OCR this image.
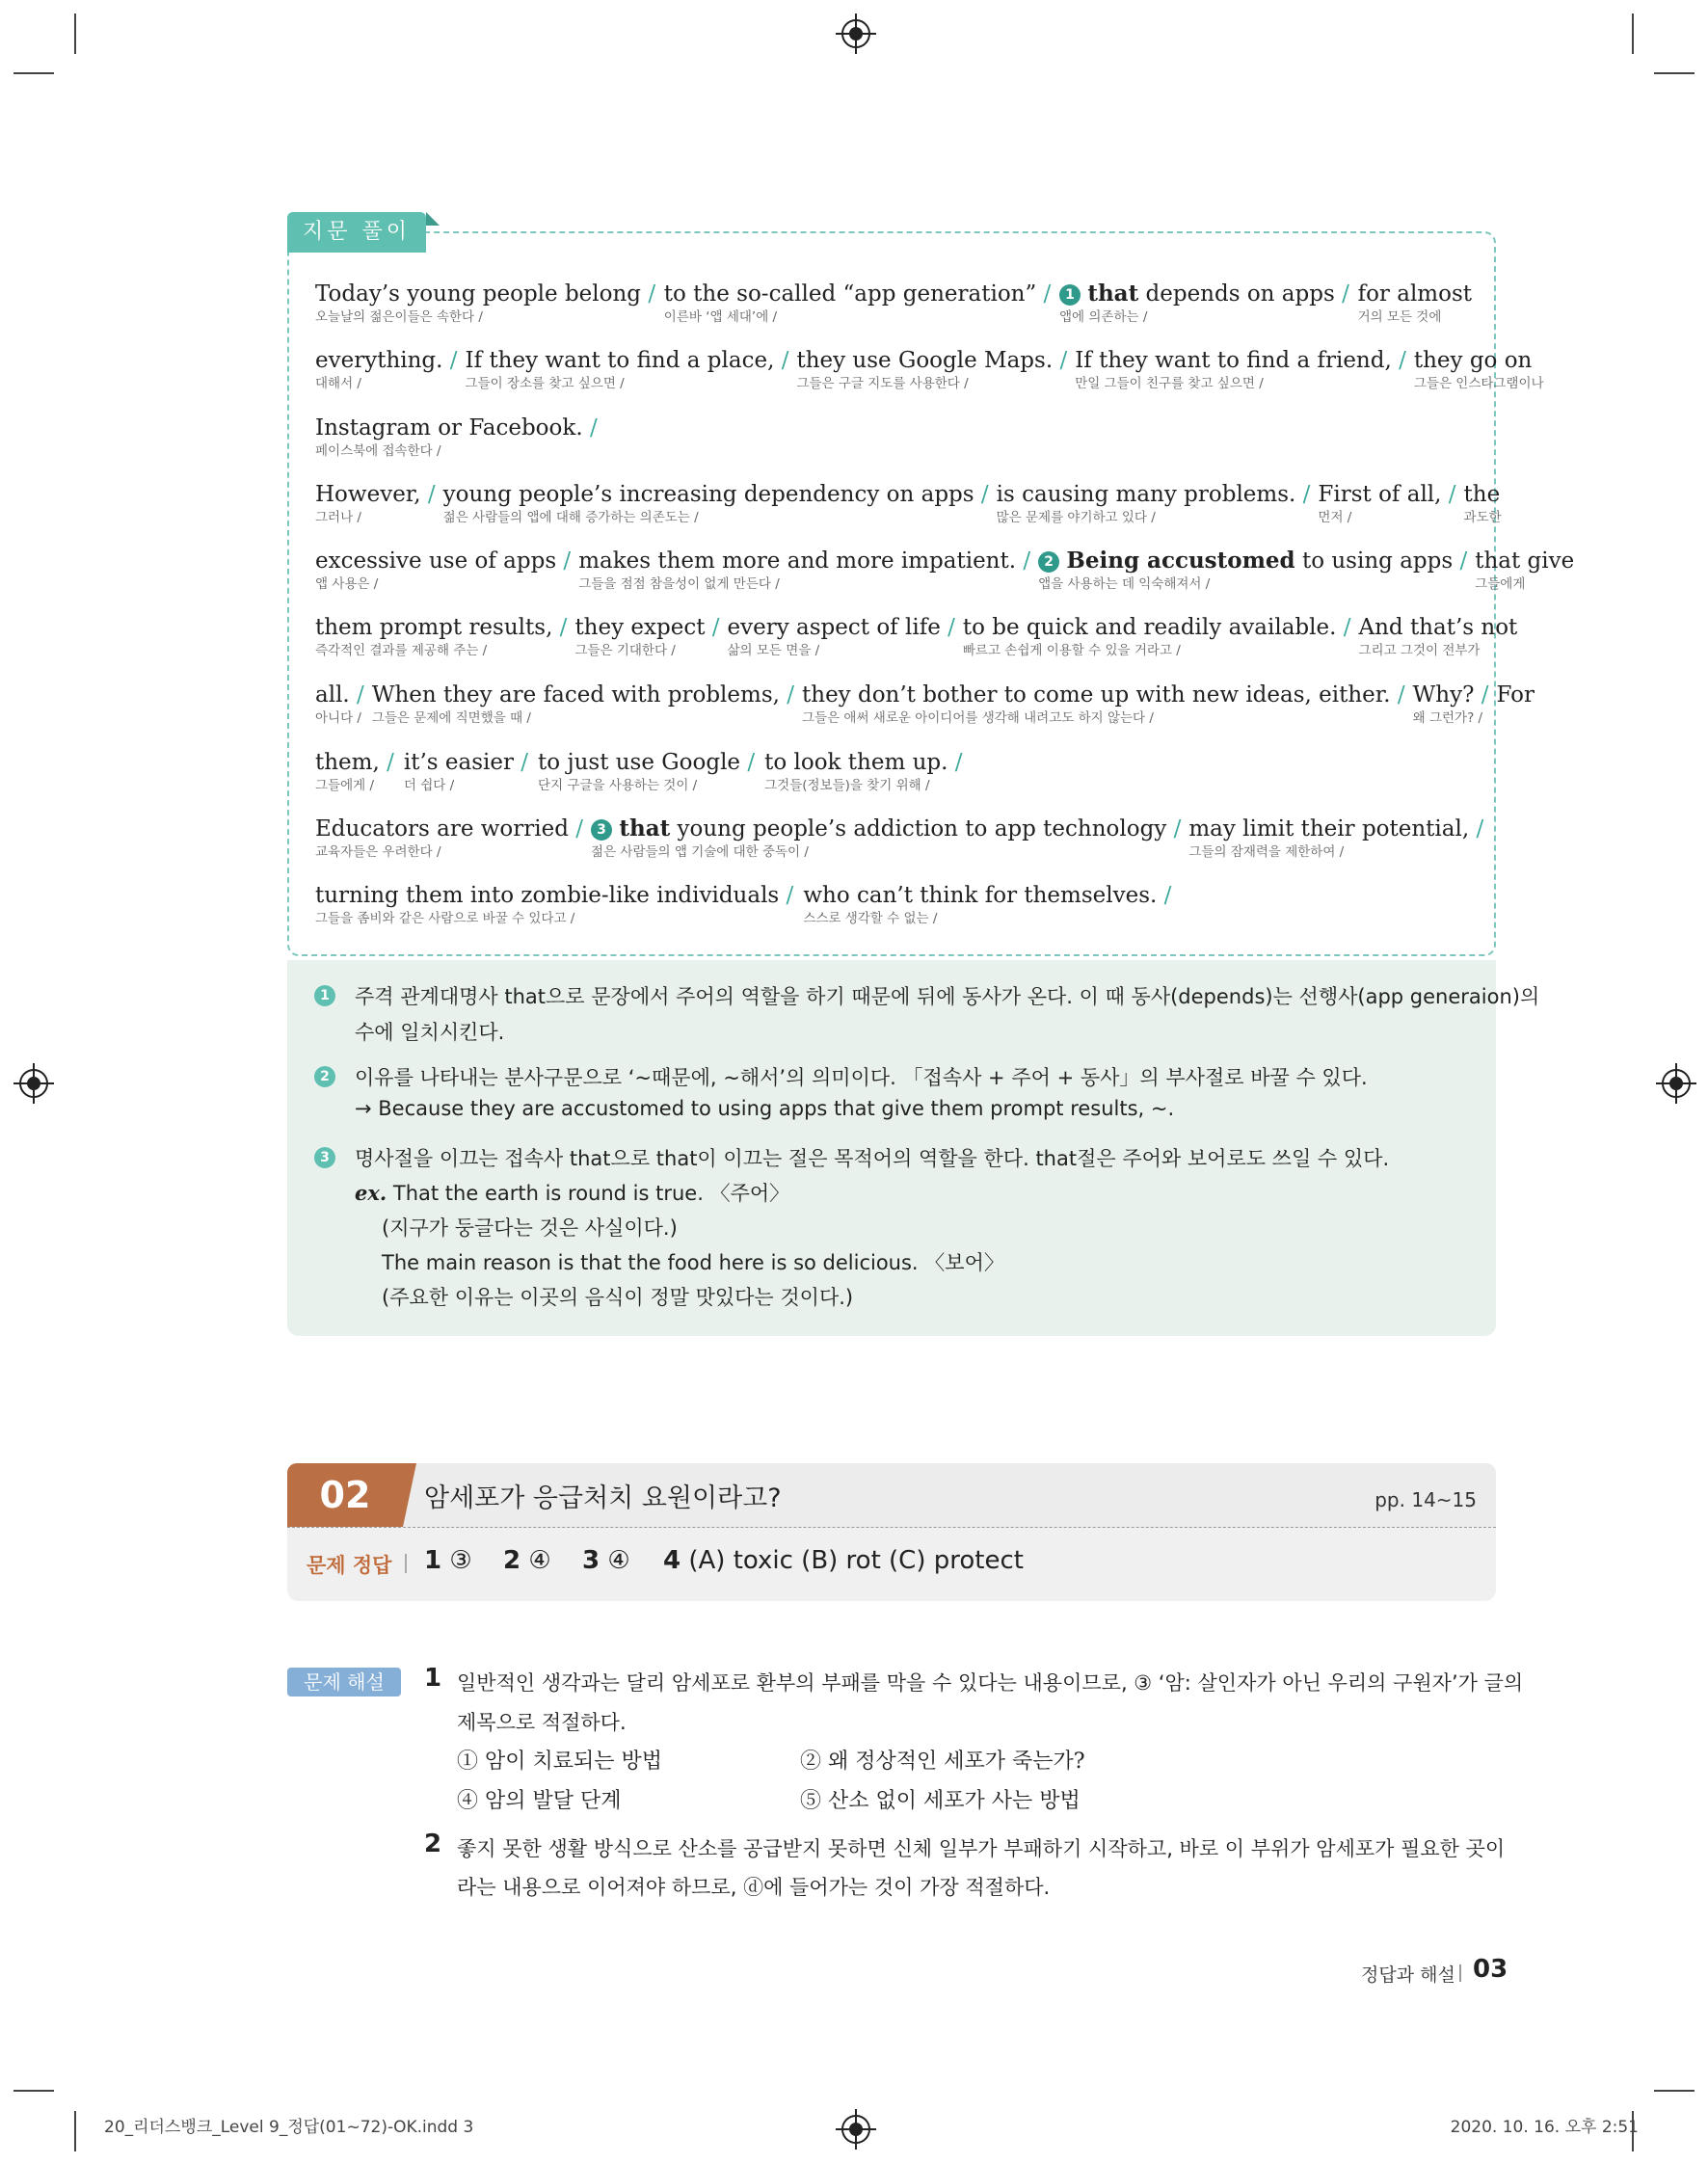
지문 풀이
Today’s young people belong /
오늘날의 젊은이들은 속한다 /
to the so-called “app generation” /
이른바 ‘앱 세대’에 /
1 that depends on apps /
앱에 의존하는 /
for almost
거의 모든 것에
everything. /
대해서 /
If they want to find a place, /
그들이 장소를 찾고 싶으면 /
they use Google Maps. /
그들은 구글 지도를 사용한다 /
If they want to find a friend, /
만일 그들이 친구를 찾고 싶으면 /
they go on
그들은 인스타그램이나
Instagram or Facebook. /
페이스북에 접속한다 /
However, /
그러나 /
young people’s increasing dependency on apps /
젊은 사람들의 앱에 대해 증가하는 의존도는 /
is causing many problems. /
많은 문제를 야기하고 있다 /
First of all, /
먼저 /
the
과도한
excessive use of apps /
앱 사용은 /
makes them more and more impatient. /
그들을 점점 참을성이 없게 만든다 /
2 Being accustomed to using apps /
앱을 사용하는 데 익숙해져서 /
that give
그들에게
them prompt results, /
즉각적인 결과를 제공해 주는 /
they expect /
그들은 기대한다 /
every aspect of life /
삶의 모든 면을 /
to be quick and readily available. /
빠르고 손쉽게 이용할 수 있을 거라고 /
And that’s not
그리고 그것이 전부가
all. /
아니다 /
When they are faced with problems, /
그들은 문제에 직면했을 때 /
they don’t bother to come up with new ideas, either. /
그들은 애써 새로운 아이디어를 생각해 내려고도 하지 않는다 /
Why? /
왜 그런가? /
For
them, /
그들에게 /
it’s easier /
더 쉽다 /
to just use Google /
단지 구글을 사용하는 것이 /
to look them up. /
그것들(정보들)을 찾기 위해 /
Educators are worried /
교육자들은 우려한다 /
3 that young people’s addiction to app technology /
젊은 사람들의 앱 기술에 대한 중독이 /
may limit their potential, /
그들의 잠재력을 제한하여 /
turning them into zombie-like individuals /
그들을 좀비와 같은 사람으로 바꿀 수 있다고 /
who can’t think for themselves. /
스스로 생각할 수 없는 /
1 주격 관계대명사 that으로 문장에서 주어의 역할을 하기 때문에 뒤에 동사가 온다. 이 때 동사(depends)는 선행사(app generaion)의
수에 일치시킨다.
2 이유를 나타내는 분사구문으로 ‘~때문에, ~해서’의 의미이다. 「접속사 + 주어 + 동사」의 부사절로 바꿀 수 있다.
→ Because they are accustomed to using apps that give them prompt results, ~.
3 명사절을 이끄는 접속사 that으로 that이 이끄는 절은 목적어의 역할을 한다. that절은 주어와 보어로도 쓰일 수 있다.
ex. That the earth is round is true. 〈주어〉
(지구가 둥글다는 것은 사실이다.)
The main reason is that the food here is so delicious. 〈보어〉
(주요한 이유는 이곳의 음식이 정말 맛있다는 것이다.)
02	암세포가 응급처치 요원이라고?	pp. 14~15
문제 정답 1 ③ 2 ④ 3 ④ 4 (A) toxic (B) rot (C) protect
문제 해설	1 일반적인 생각과는 달리 암세포로 환부의 부패를 막을 수 있다는 내용이므로, ③ ‘암: 살인자가 아닌 우리의 구원자’가 글의
제목으로 적절하다.
① 암이 치료되는 방법	② 왜 정상적인 세포가 죽는가?
④ 암의 발달 단계	⑤ 산소 없이 세포가 사는 방법
2 좋지 못한 생활 방식으로 산소를 공급받지 못하면 신체 일부가 부패하기 시작하고, 바로 이 부위가 암세포가 필요한 곳이
라는 내용으로 이어져야 하므로, ⓓ에 들어가는 것이 가장 적절하다.
정답과 해설 03
20_리더스뱅크_Level 9_정답(01~72)-OK.indd 3	2020. 10. 16. 오후 2:51
